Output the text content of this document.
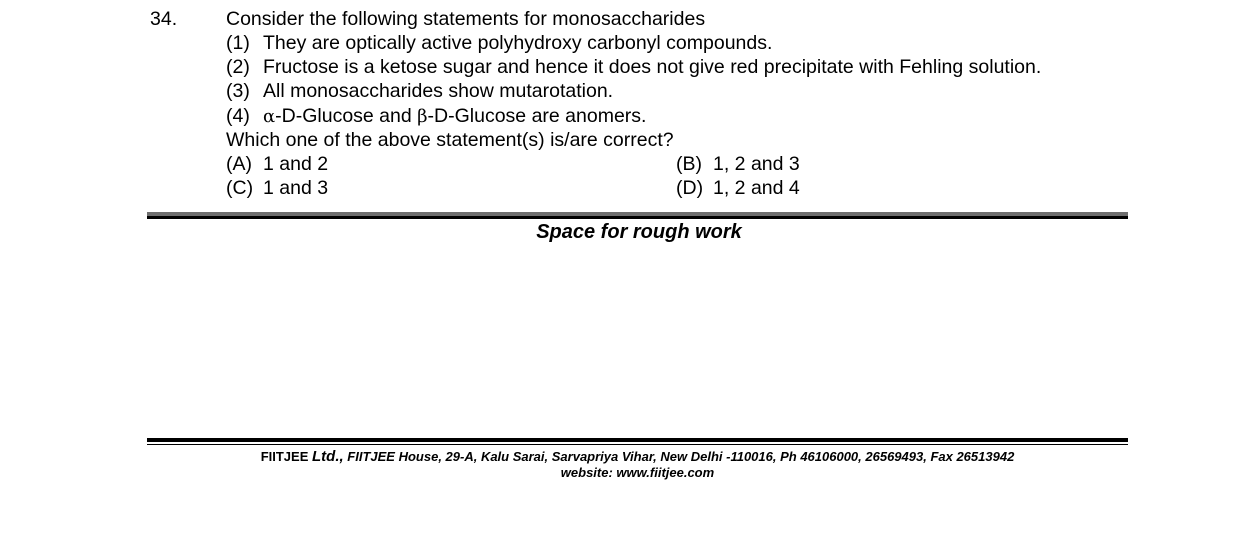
34.	Consider the following statements for monosaccharides
(1) They are optically active polyhydroxy carbonyl compounds.
(2) Fructose is a ketose sugar and hence it does not give red precipitate with Fehling solution.
(3) All monosaccharides show mutarotation.
(4) α-D-Glucose and β-D-Glucose are anomers.
Which one of the above statement(s) is/are correct?
(A) 1 and 2	(B) 1, 2 and 3
(C) 1 and 3	(D) 1, 2 and 4
Space for rough work
FIITJEE Ltd., FIITJEE House, 29-A, Kalu Sarai, Sarvapriya Vihar, New Delhi -110016, Ph 46106000, 26569493, Fax 26513942
website: www.fiitjee.com
